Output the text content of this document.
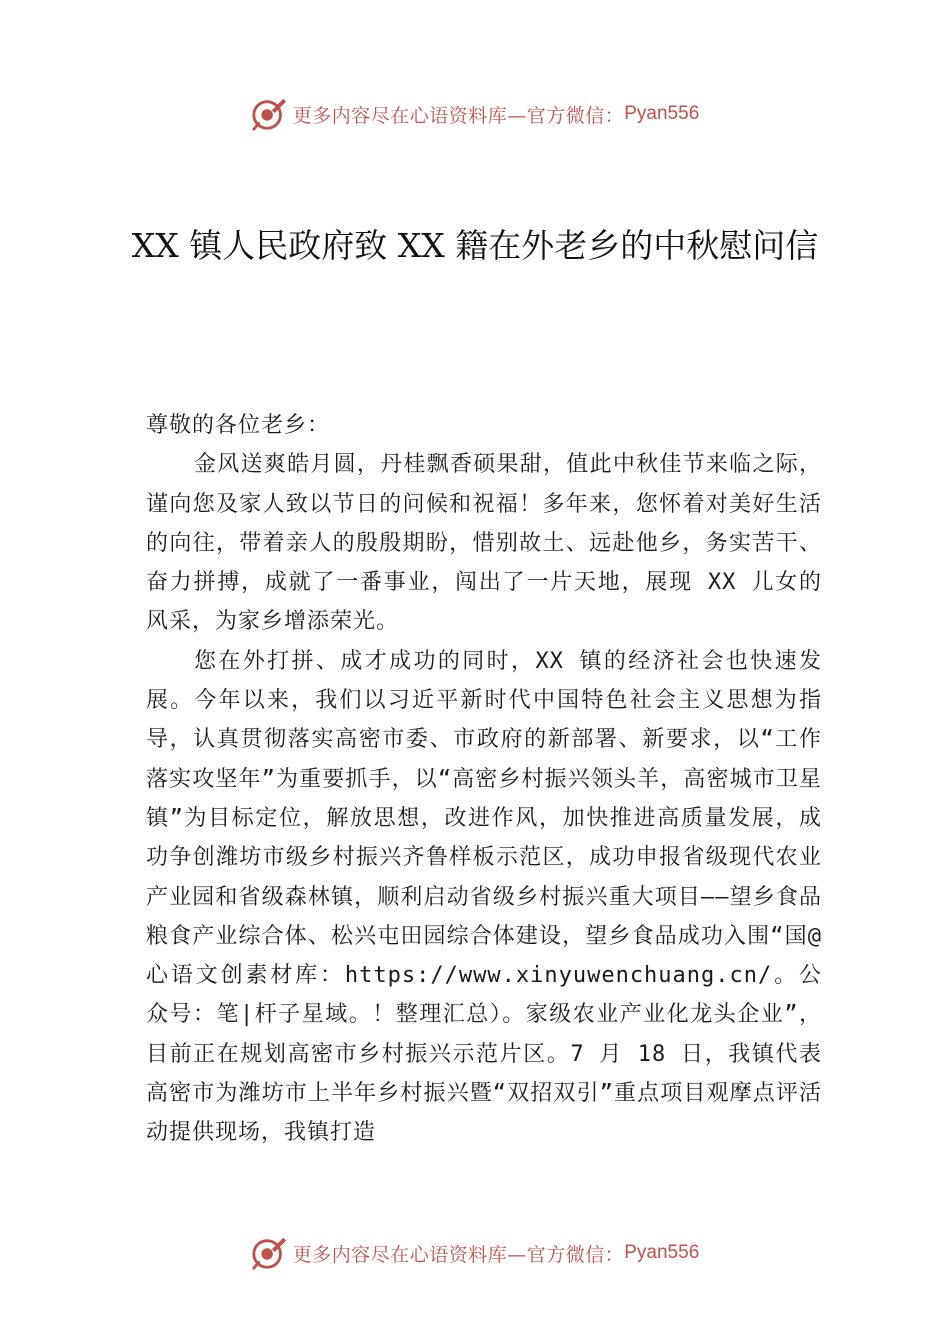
更多内容尽在心语资料库—官方微信： Pyan556
XX 镇人民政府致 XX 籍在外老乡的中秋慰问信

尊敬的各位老乡：

金风送爽皓月圆，丹桂飘香硕果甜，值此中秋佳节来临之际，谨向您及家人致以节日的问候和祝福！多年来，您怀着对美好生活的向往，带着亲人的殷殷期盼，惜别故土、远赴他乡，务实苦干、奋力拼搏，成就了一番事业，闯出了一片天地，展现 XX 儿女的风采，为家乡增添荣光。

您在外打拼、成才成功的同时，XX 镇的经济社会也快速发展。今年以来，我们以习近平新时代中国特色社会主义思想为指导，认真贯彻落实高密市委、市政府的新部署、新要求，以“工作落实攻坚年”为重要抓手，以“高密乡村振兴领头羊，高密城市卫星镇”为目标定位，解放思想，改进作风，加快推进高质量发展，成功争创潍坊市级乡村振兴齐鲁样板示范区，成功申报省级现代农业产业园和省级森林镇，顺利启动省级乡村振兴重大项目——望乡食品粮食产业综合体、松兴屯田园综合体建设，望乡食品成功入围“国@心语文创素材库：https://www.xinyuwenchuang.cn/。公众号：笔|杆子星域。！整理汇总）。家级农业产业化龙头企业”，目前正在规划高密市乡村振兴示范片区。7 月 18 日，我镇代表高密市为潍坊市上半年乡村振兴暨“双招双引”重点项目观摩点评活动提供现场，我镇打造

更多内容尽在心语资料库—官方微信： Pyan556
